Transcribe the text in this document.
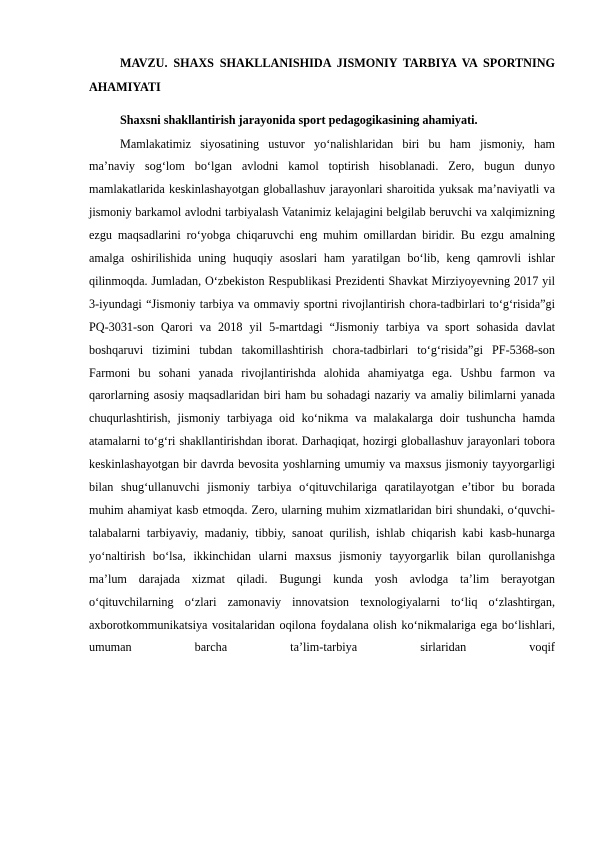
MAVZU. SHAXS SHAKLLANISHIDA JISMONIY TARBIYA VA SPORTNING AHAMIYATI

Shaxsni shakllantirish jarayonida sport pedagogikasining ahamiyati.

Mamlakatimiz siyosatining ustuvor yo‘nalishlaridan biri bu ham jismoniy, ham ma’naviy sog‘lom bo‘lgan avlodni kamol toptirish hisoblanadi. Zero, bugun dunyo mamlakatlarida keskinlashayotgan globallashuv jarayonlari sharoitida yuksak ma’naviyatli va jismoniy barkamol avlodni tarbiyalash Vatanimiz kelajagini belgilab beruvchi va xalqimizning ezgu maqsadlarini ro‘yobga chiqaruvchi eng muhim omillardan biridir. Bu ezgu amalning amalga oshirilishida uning huquqiy asoslari ham yaratilgan bo‘lib, keng qamrovli ishlar qilinmoqda. Jumladan, O‘zbekiston Respublikasi Prezidenti Shavkat Mirziyoyevning 2017 yil 3-iyundagi “Jismoniy tarbiya va ommaviy sportni rivojlantirish chora-tadbirlari to‘g‘risida”gi PQ-3031-son Qarori va 2018 yil 5-martdagi “Jismoniy tarbiya va sport sohasida davlat boshqaruvi tizimini tubdan takomillashtirish chora-tadbirlari to‘g‘risida”gi PF-5368-son Farmoni bu sohani yanada rivojlantirishda alohida ahamiyatga ega. Ushbu farmon va qarorlarning asosiy maqsadlaridan biri ham bu sohadagi nazariy va amaliy bilimlarni yanada chuqurlashtirish, jismoniy tarbiyaga oid ko‘nikma va malakalarga doir tushuncha hamda atamalarni to‘g‘ri shakllantirishdan iborat. Darhaqiqat, hozirgi globallashuv jarayonlari tobora keskinlashayotgan bir davrda bevosita yoshlarning umumiy va maxsus jismoniy tayyorgarligi bilan shug‘ullanuvchi jismoniy tarbiya o‘qituvchilariga qaratilayotgan e’tibor bu borada muhim ahamiyat kasb etmoqda. Zero, ularning muhim xizmatlaridan biri shundaki, o‘quvchi-talabalarni tarbiyaviy, madaniy, tibbiy, sanoat qurilish, ishlab chiqarish kabi kasb-hunarga yo‘naltirish bo‘lsa, ikkinchidan ularni maxsus jismoniy tayyorgarlik bilan qurollanishga ma’lum darajada xizmat qiladi. Bugungi kunda yosh avlodga ta’lim berayotgan o‘qituvchilarning o‘zlari zamonaviy innovatsion texnologiyalarni to‘liq o‘zlashtirgan, axborotkommunikatsiya vositalaridan oqilona foydalana olish ko‘nikmalariga ega bo‘lishlari, umuman barcha ta’lim-tarbiya sirlaridan voqif
